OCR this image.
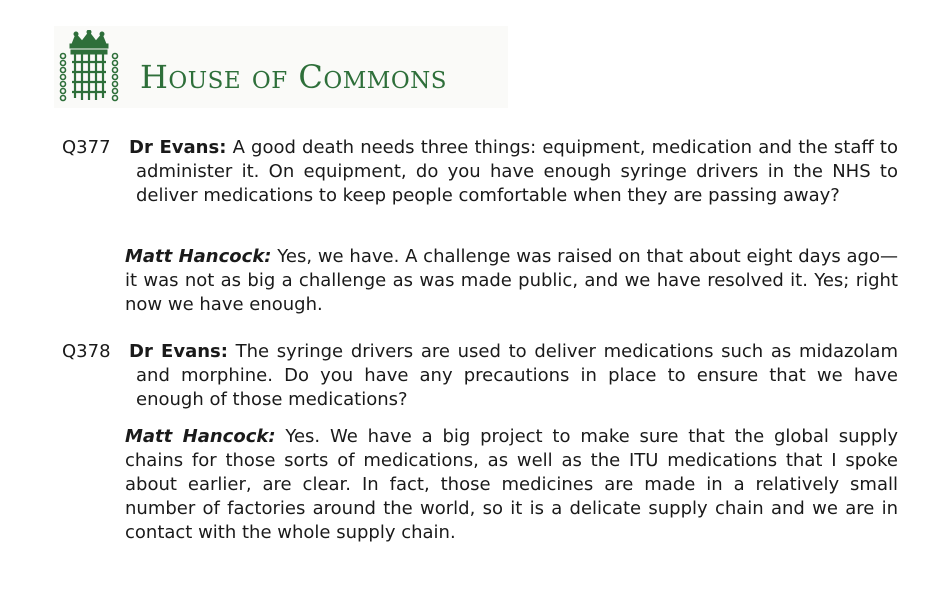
HOUSE OF COMMONS
Q377 Dr Evans: A good death needs three things: equipment, medication and the staff to administer it. On equipment, do you have enough syringe drivers in the NHS to deliver medications to keep people comfortable when they are passing away?
Matt Hancock: Yes, we have. A challenge was raised on that about eight days ago—it was not as big a challenge as was made public, and we have resolved it. Yes; right now we have enough.
Q378 Dr Evans: The syringe drivers are used to deliver medications such as midazolam and morphine. Do you have any precautions in place to ensure that we have enough of those medications?
Matt Hancock: Yes. We have a big project to make sure that the global supply chains for those sorts of medications, as well as the ITU medications that I spoke about earlier, are clear. In fact, those medicines are made in a relatively small number of factories around the world, so it is a delicate supply chain and we are in contact with the whole supply chain.
